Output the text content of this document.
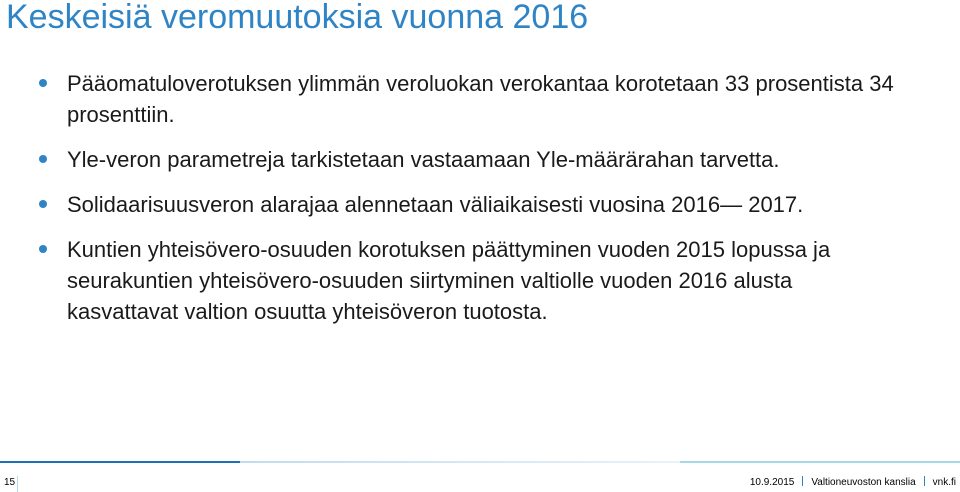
Keskeisiä veromuutoksia vuonna 2016
Pääomatuloverotuksen ylimmän veroluokan verokantaa korotetaan 33 prosentista 34 prosenttiin.
Yle-veron parametreja tarkistetaan vastaamaan Yle-määrärahan tarvetta.
Solidaarisuusveron alarajaa alennetaan väliaikaisesti vuosina 2016— 2017.
Kuntien yhteisövero-osuuden korotuksen päättyminen vuoden 2015 lopussa ja seurakuntien yhteisövero-osuuden siirtyminen valtiolle vuoden 2016 alusta kasvattavat valtion osuutta yhteisöveron tuotosta.
15	10.9.2015 Valtioneuvoston kanslia vnk.fi
